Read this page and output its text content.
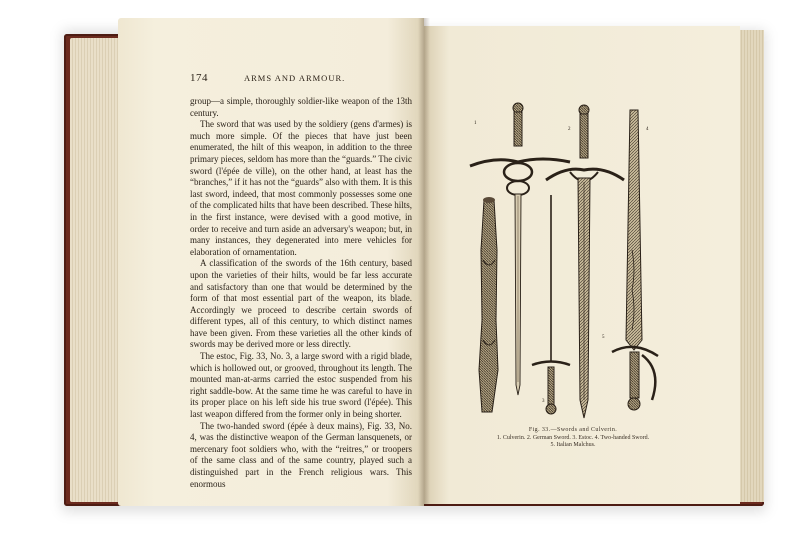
174	ARMS AND ARMOUR.

group—a simple, thoroughly soldier-like weapon of the 13th century.

The sword that was used by the soldiery (gens d'armes) is much more simple. Of the pieces that have just been enumerated, the hilt of this weapon, in addition to the three primary pieces, seldom has more than the “guards.” The civic sword (l'épée de ville), on the other hand, at least has the “branches,” if it has not the “guards” also with them. It is this last sword, indeed, that most commonly possesses some one of the complicated hilts that have been described. These hilts, in the first instance, were devised with a good motive, in order to receive and turn aside an adversary's weapon; but, in many instances, they degenerated into mere vehicles for elaboration of ornamentation.

A classification of the swords of the 16th century, based upon the varieties of their hilts, would be far less accurate and satisfactory than one that would be determined by the form of that most essential part of the weapon, its blade. Accordingly we proceed to describe certain swords of different types, all of this century, to which distinct names have been given. From these varieties all the other kinds of swords may be derived more or less directly.

The estoc, Fig. 33, No. 3, a large sword with a rigid blade, which is hollowed out, or grooved, throughout its length. The mounted man-at-arms carried the estoc suspended from his right saddle-bow. At the same time he was careful to have in its proper place on his left side his true sword (l'épée). This last weapon differed from the former only in being shorter.

The two-handed sword (épée à deux mains), Fig. 33, No. 4, was the distinctive weapon of the German lansquenets, or mercenary foot soldiers who, with the “reitres,” or troopers of the same class and of the same country, played such a distinguished part in the French religious wars. This enormous

1
2
3
4
5
Fig. 33.—Swords and Culverin.
1. Culverin. 2. German Sword. 3. Estoc. 4. Two-handed Sword.
5. Italian Malchus.
